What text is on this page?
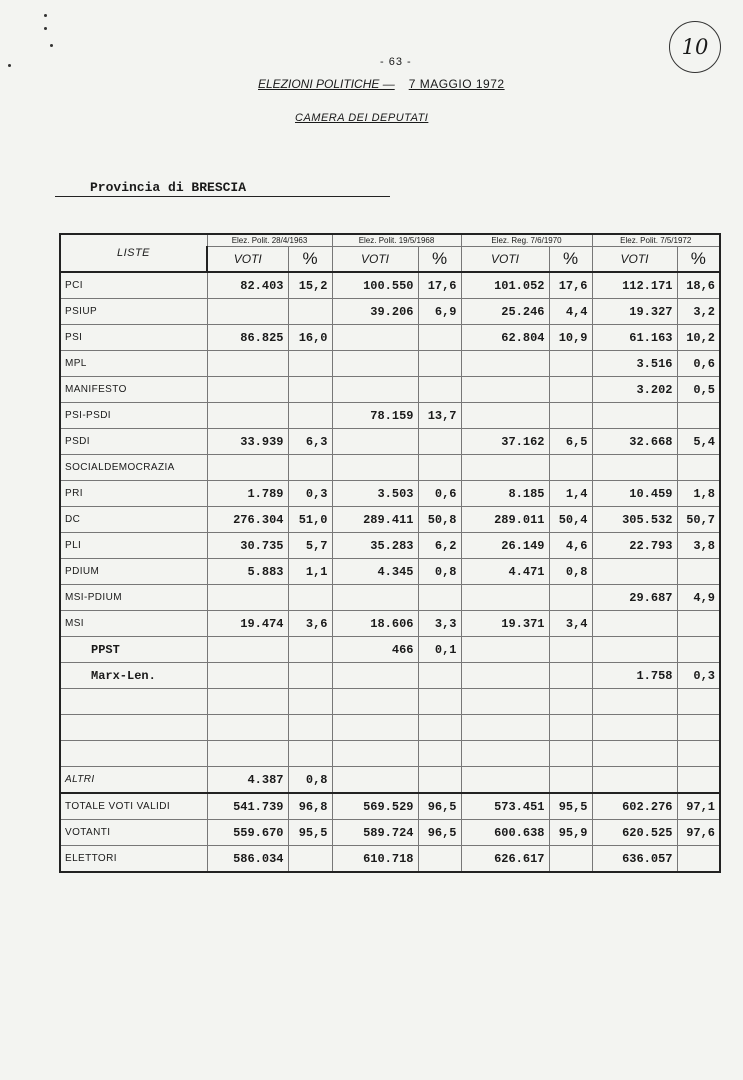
10
- 63 -
ELEZIONI POLITICHE — 7 MAGGIO 1972
CAMERA DEI DEPUTATI
Provincia di BRESCIA
LISTE	Elez. Polit. 28/4/1963		Elez. Polit. 19/5/1968		Elez. Reg. 7/6/1970		Elez. Polit. 7/5/1972	
	VOTI	%	VOTI	%	VOTI	%	VOTI	%
PCI	82.403	15,2	100.550	17,6	101.052	17,6	112.171	18,6
PSIUP			39.206	6,9	25.246	4,4	19.327	3,2
PSI	86.825	16,0			62.804	10,9	61.163	10,2
MPL							3.516	0,6
MANIFESTO							3.202	0,5
PSI-PSDI			78.159	13,7				
PSDI	33.939	6,3			37.162	6,5	32.668	5,4
SOCIALDEMOCRAZIA								
PRI	1.789	0,3	3.503	0,6	8.185	1,4	10.459	1,8
DC	276.304	51,0	289.411	50,8	289.011	50,4	305.532	50,7
PLI	30.735	5,7	35.283	6,2	26.149	4,6	22.793	3,8
PDIUM	5.883	1,1	4.345	0,8	4.471	0,8		
MSI-PDIUM							29.687	4,9
MSI	19.474	3,6	18.606	3,3	19.371	3,4		
PPST			466	0,1				
Marx-Len.							1.758	0,3

ALTRI	4.387	0,8						
TOTALE VOTI VALIDI	541.739	96,8	569.529	96,5	573.451	95,5	602.276	97,1
VOTANTI	559.670	95,5	589.724	96,5	600.638	95,9	620.525	97,6
ELETTORI	586.034		610.718		626.617		636.057	
